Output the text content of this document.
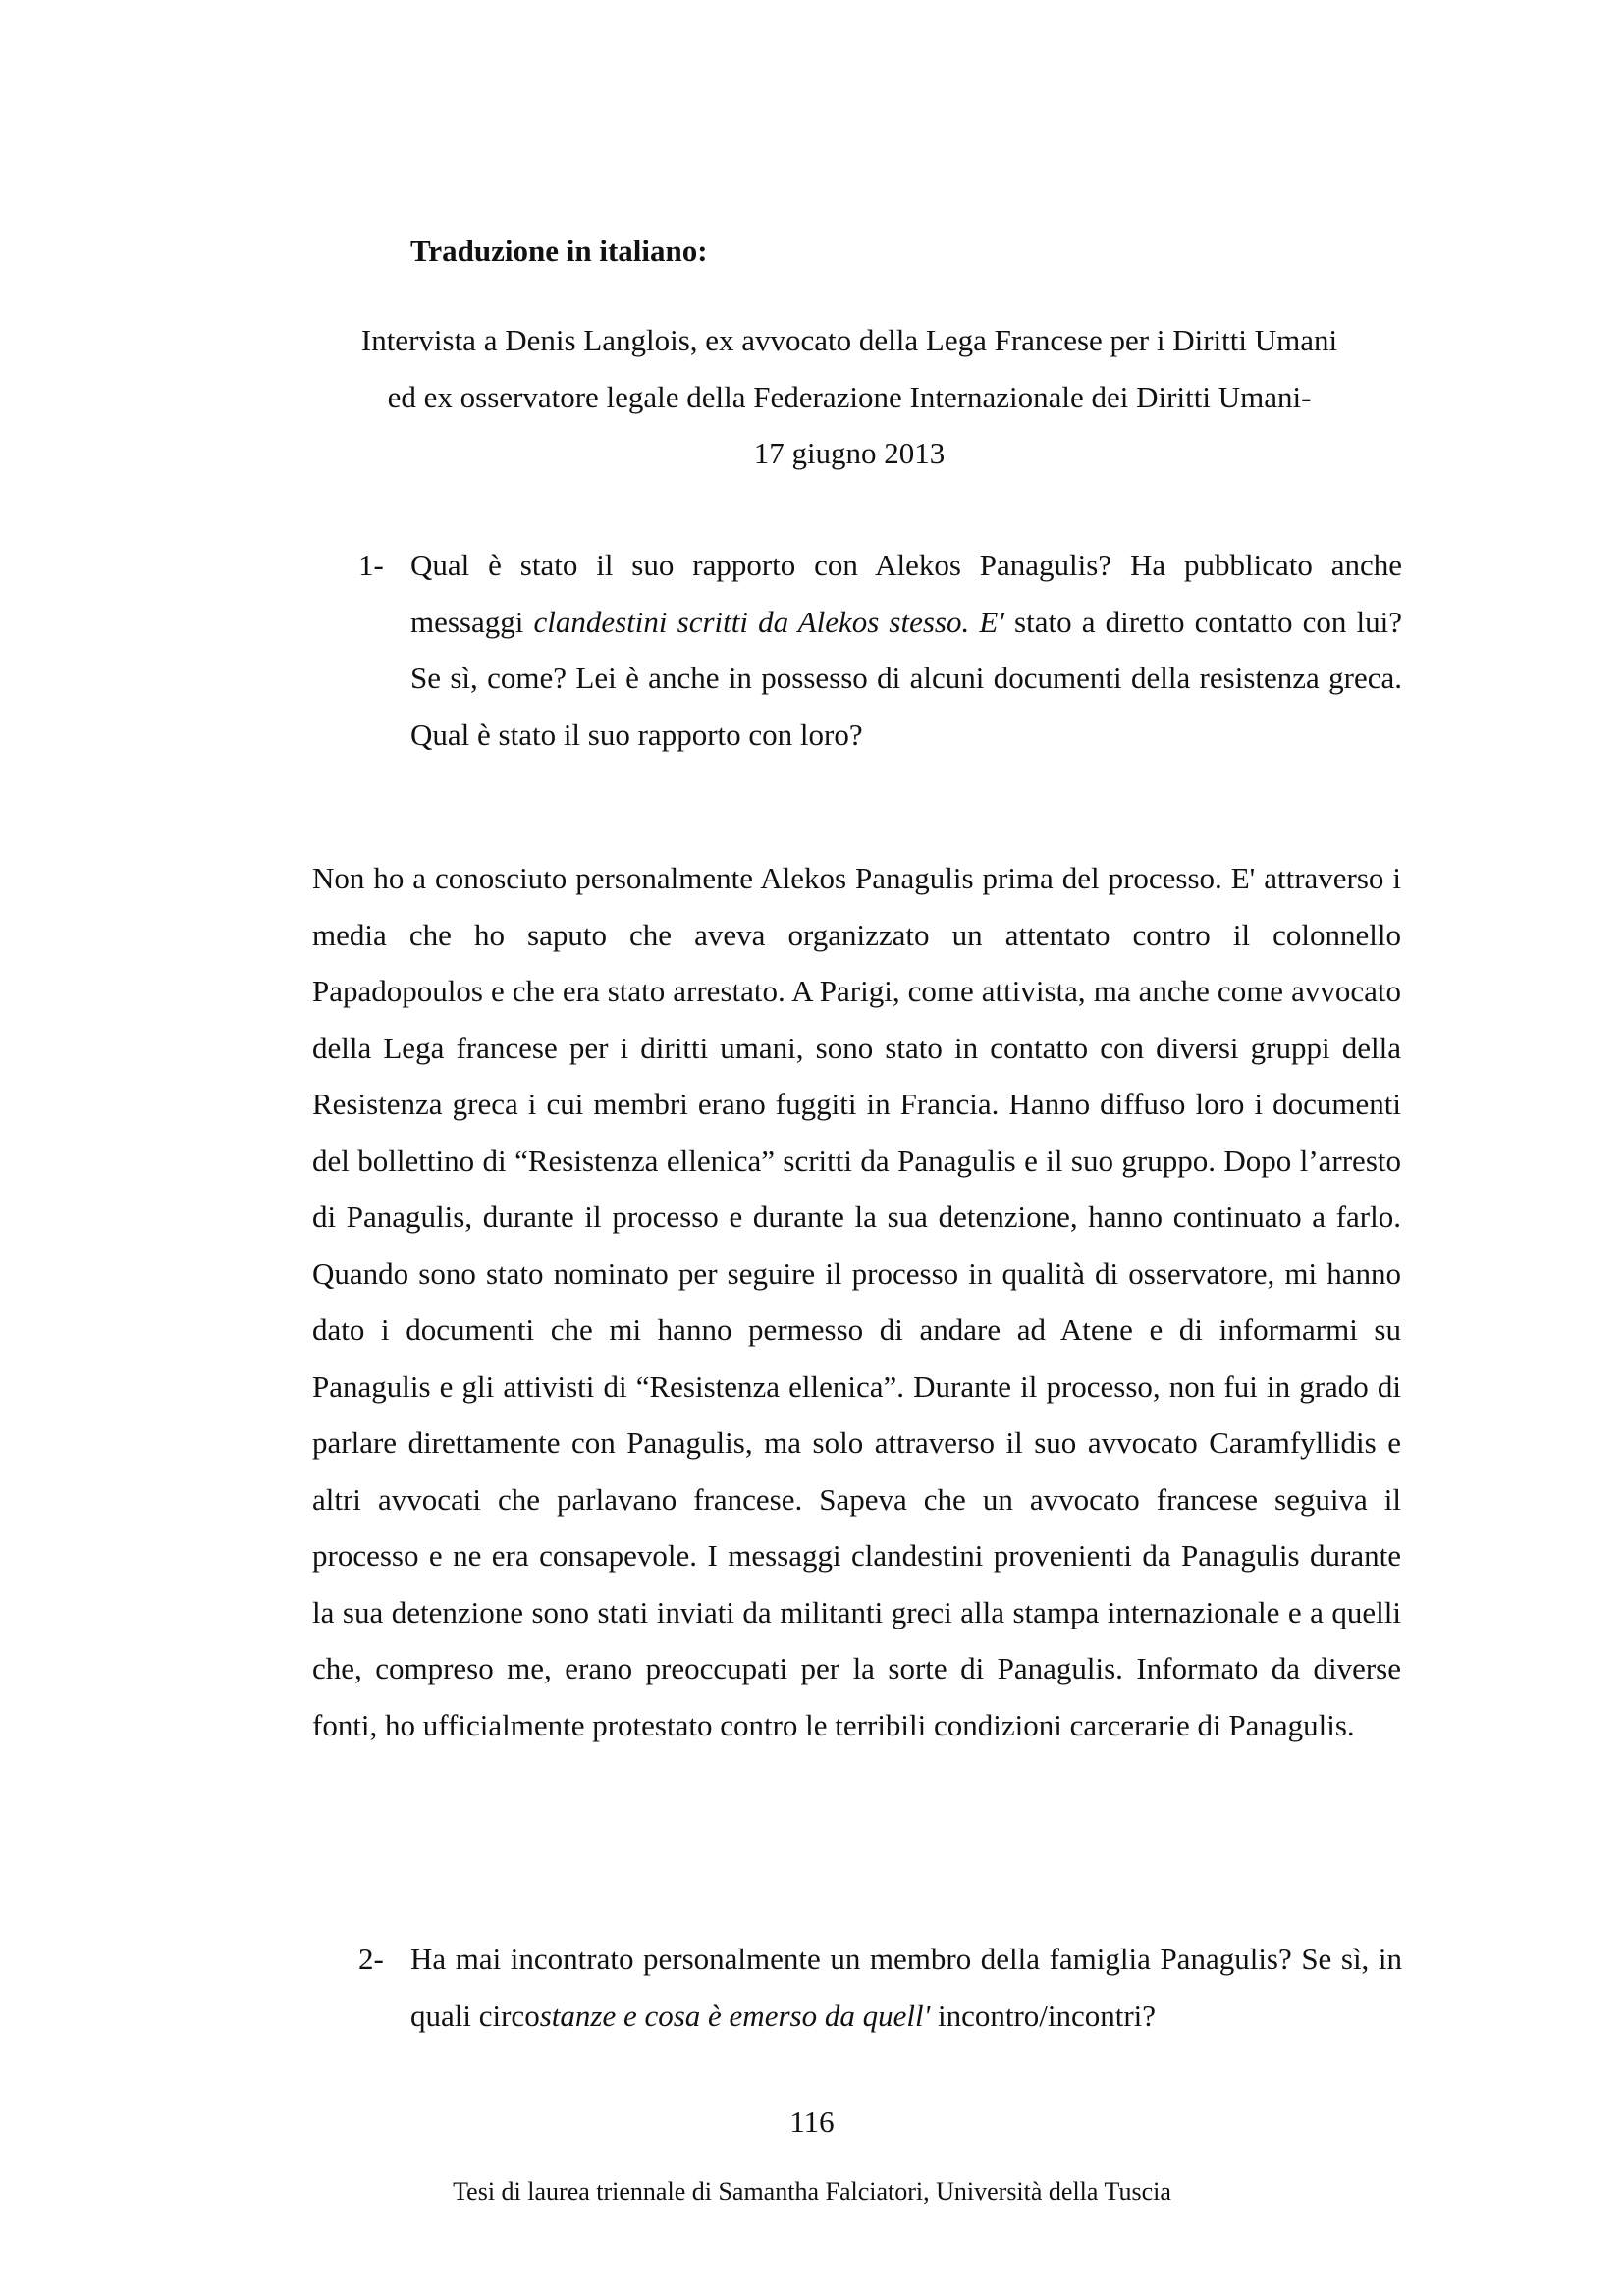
Traduzione in italiano:
Intervista a Denis Langlois, ex avvocato della Lega Francese per i Diritti Umani
ed ex osservatore legale della Federazione Internazionale dei Diritti Umani-
17 giugno 2013
1- Qual è stato il suo rapporto con Alekos Panagulis? Ha pubblicato anche messaggi clandestini scritti da Alekos stesso. E' stato a diretto contatto con lui? Se sì, come? Lei è anche in possesso di alcuni documenti della resistenza greca. Qual è stato il suo rapporto con loro?

Non ho a conosciuto personalmente Alekos Panagulis prima del processo. E' attraverso i media che ho saputo che aveva organizzato un attentato contro il colonnello Papadopoulos e che era stato arrestato. A Parigi, come attivista, ma anche come avvocato della Lega francese per i diritti umani, sono stato in contatto con diversi gruppi della Resistenza greca i cui membri erano fuggiti in Francia. Hanno diffuso loro i documenti del bollettino di “Resistenza ellenica” scritti da Panagulis e il suo gruppo. Dopo l’arresto di Panagulis, durante il processo e durante la sua detenzione, hanno continuato a farlo. Quando sono stato nominato per seguire il processo in qualità di osservatore, mi hanno dato i documenti che mi hanno permesso di andare ad Atene e di informarmi su Panagulis e gli attivisti di “Resistenza ellenica”. Durante il processo, non fui in grado di parlare direttamente con Panagulis, ma solo attraverso il suo avvocato Caramfyllidis e altri avvocati che parlavano francese. Sapeva che un avvocato francese seguiva il processo e ne era consapevole. I messaggi clandestini provenienti da Panagulis durante la sua detenzione sono stati inviati da militanti greci alla stampa internazionale e a quelli che, compreso me, erano preoccupati per la sorte di Panagulis. Informato da diverse fonti, ho ufficialmente protestato contro le terribili condizioni carcerarie di Panagulis.

2- Ha mai incontrato personalmente un membro della famiglia Panagulis? Se sì, in quali circostanze e cosa è emerso da quell' incontro/incontri?
116
Tesi di laurea triennale di Samantha Falciatori, Università della Tuscia
